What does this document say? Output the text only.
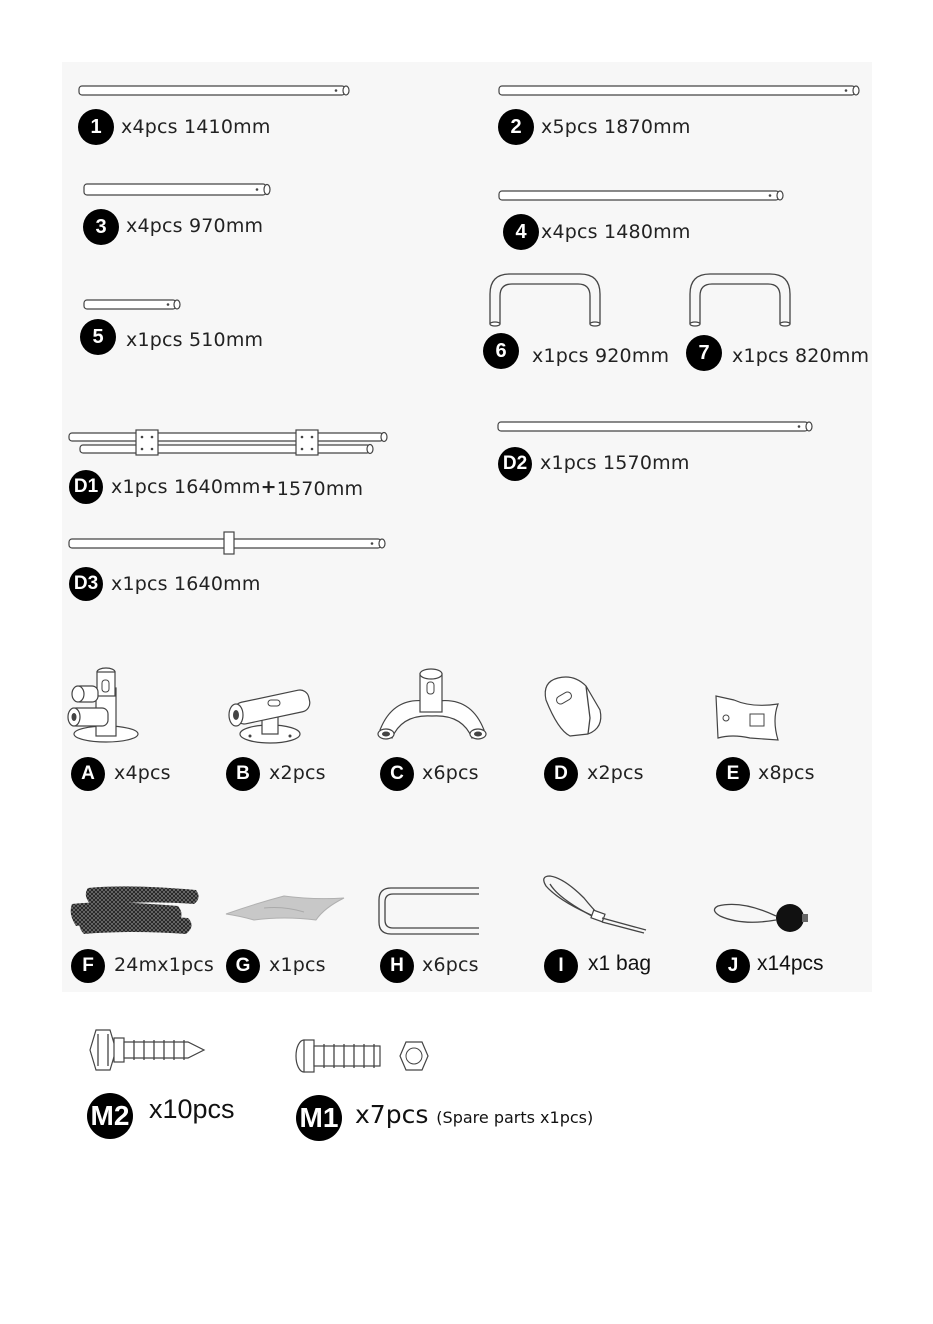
1	x4pcs 1410mm	2	x5pcs 1870mm
3	x4pcs 970mm	4 x4pcs 1480mm
5	x1pcs 510mm	6	x1pcs 920mm	7	x1pcs 820mm
D1 x1pcs 1640mm+1570mm
D2 x1pcs 1570mm
D3 x1pcs 1640mm
A	x4pcs	B	x2pcs	C x6pcs	D	x2pcs	E x8pcs
F	24mx1pcs	G x1pcs	H x6pcs	I	x1 bag	J x14pcs
M2 x10pcs M1 x7pcs (Spare parts x1pcs)
